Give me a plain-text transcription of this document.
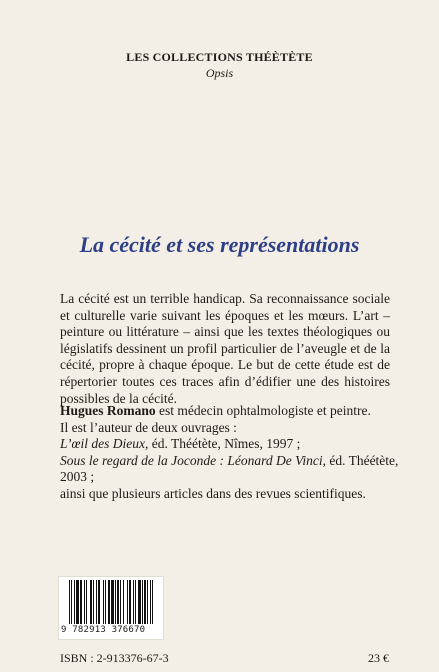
LES COLLECTIONS THÉÈTÈTE
Opsis
La cécité et ses représentations

La cécité est un terrible handicap. Sa reconnaissance sociale et culturelle varie suivant les époques et les mœurs. L’art – peinture ou littérature – ainsi que les textes théologiques ou législatifs dessinent un profil particulier de l’aveugle et de la cécité, propre à chaque époque. Le but de cette étude est de répertorier toutes ces traces afin d’édifier une des histoires possibles de la cécité.

Hugues Romano est médecin ophtalmologiste et peintre.

Il est l’auteur de deux ouvrages :

L’œil des Dieux, éd. Théétète, Nîmes, 1997 ;

Sous le regard de la Joconde : Léonard De Vinci, éd. Théétète, 2003 ;

ainsi que plusieurs articles dans des revues scientifiques.

9 782913 376670
ISBN : 2-913376-67-3	23 €
